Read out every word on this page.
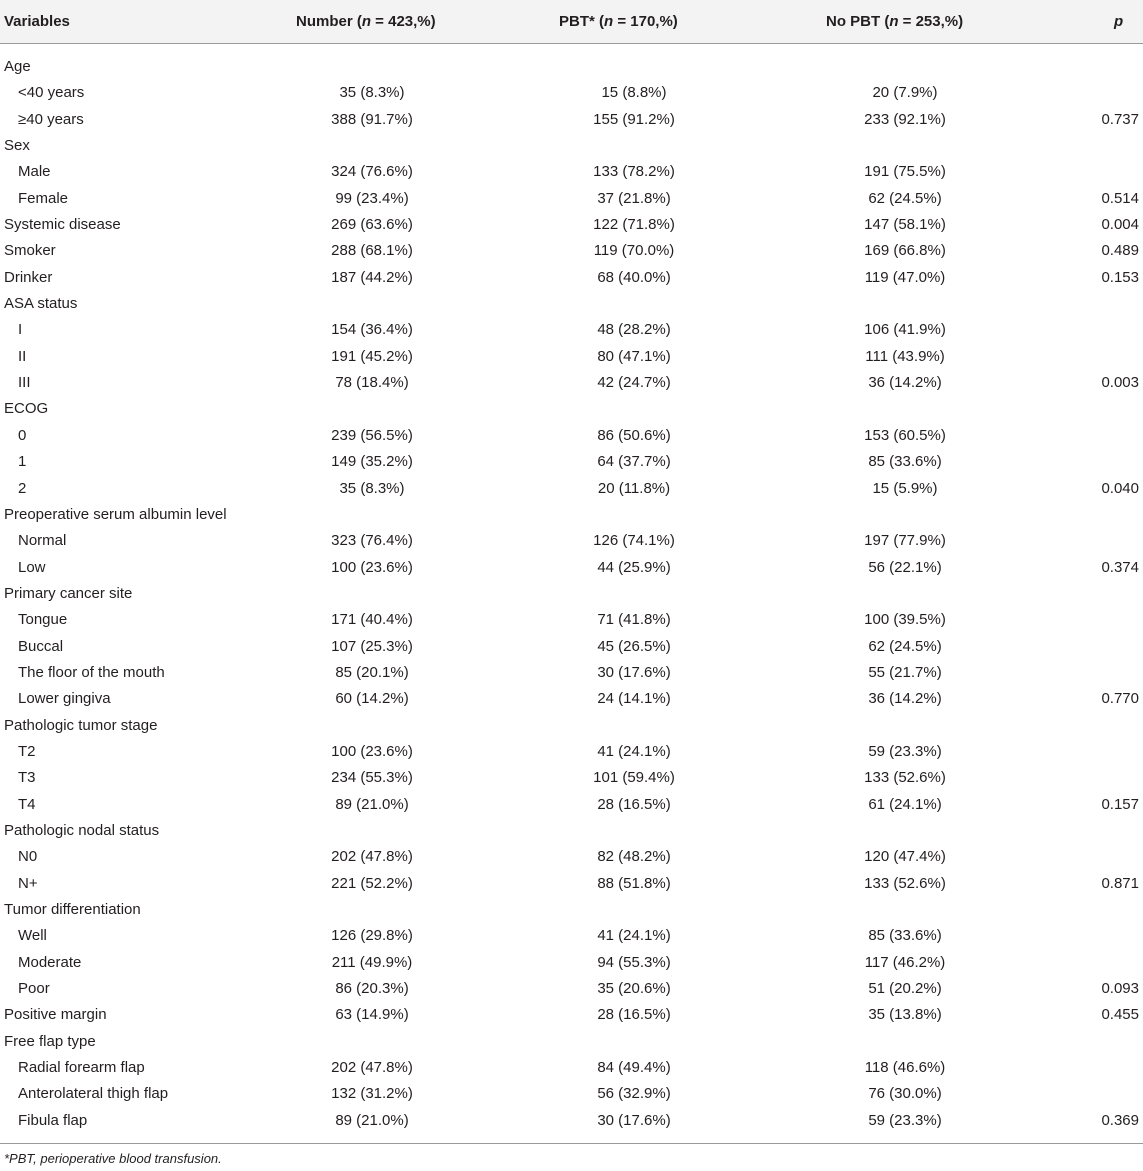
Variables	Number (n = 423,%)	PBT* (n = 170,%)	No PBT (n = 253,%)	p
Age
<40 years	35 (8.3%)	15 (8.8%)	20 (7.9%)
≥40 years	388 (91.7%)	155 (91.2%)	233 (92.1%)	0.737
Sex
Male	324 (76.6%)	133 (78.2%)	191 (75.5%)
Female	99 (23.4%)	37 (21.8%)	62 (24.5%)	0.514
Systemic disease	269 (63.6%)	122 (71.8%)	147 (58.1%)	0.004
Smoker	288 (68.1%)	119 (70.0%)	169 (66.8%)	0.489
Drinker	187 (44.2%)	68 (40.0%)	119 (47.0%)	0.153
ASA status
I	154 (36.4%)	48 (28.2%)	106 (41.9%)
II	191 (45.2%)	80 (47.1%)	111 (43.9%)
III	78 (18.4%)	42 (24.7%)	36 (14.2%)	0.003
ECOG
0	239 (56.5%)	86 (50.6%)	153 (60.5%)
1	149 (35.2%)	64 (37.7%)	85 (33.6%)
2	35 (8.3%)	20 (11.8%)	15 (5.9%)	0.040
Preoperative serum albumin level
Normal	323 (76.4%)	126 (74.1%)	197 (77.9%)
Low	100 (23.6%)	44 (25.9%)	56 (22.1%)	0.374
Primary cancer site
Tongue	171 (40.4%)	71 (41.8%)	100 (39.5%)
Buccal	107 (25.3%)	45 (26.5%)	62 (24.5%)
The floor of the mouth	85 (20.1%)	30 (17.6%)	55 (21.7%)
Lower gingiva	60 (14.2%)	24 (14.1%)	36 (14.2%)	0.770
Pathologic tumor stage
T2	100 (23.6%)	41 (24.1%)	59 (23.3%)
T3	234 (55.3%)	101 (59.4%)	133 (52.6%)
T4	89 (21.0%)	28 (16.5%)	61 (24.1%)	0.157
Pathologic nodal status
N0	202 (47.8%)	82 (48.2%)	120 (47.4%)
N+	221 (52.2%)	88 (51.8%)	133 (52.6%)	0.871
Tumor differentiation
Well	126 (29.8%)	41 (24.1%)	85 (33.6%)
Moderate	211 (49.9%)	94 (55.3%)	117 (46.2%)
Poor	86 (20.3%)	35 (20.6%)	51 (20.2%)	0.093
Positive margin	63 (14.9%)	28 (16.5%)	35 (13.8%)	0.455
Free flap type
Radial forearm flap	202 (47.8%)	84 (49.4%)	118 (46.6%)
Anterolateral thigh flap	132 (31.2%)	56 (32.9%)	76 (30.0%)
Fibula flap	89 (21.0%)	30 (17.6%)	59 (23.3%)	0.369
*PBT, perioperative blood transfusion.
